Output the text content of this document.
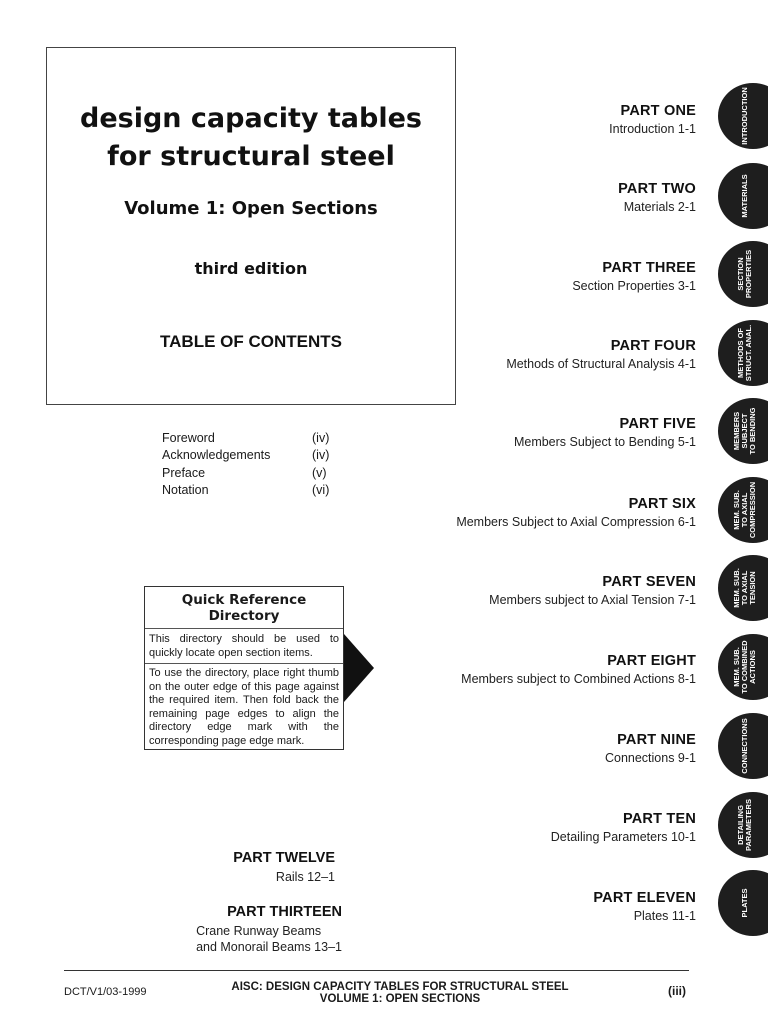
design capacity tables
for structural steel
Volume 1: Open Sections
third edition
TABLE OF CONTENTS
Foreword	(iv)
Acknowledgements	(iv)
Preface	(v)
Notation	(vi)
PART ONE
Introduction 1-1
PART TWO
Materials 2-1
PART THREE
Section Properties 3-1
PART FOUR
Methods of Structural Analysis 4-1
PART FIVE
Members Subject to Bending 5-1
PART SIX
Members Subject to Axial Compression 6-1
PART SEVEN
Members subject to Axial Tension 7-1
PART EIGHT
Members subject to Combined Actions 8-1
PART NINE
Connections 9-1
PART TEN
Detailing Parameters 10-1
PART ELEVEN
Plates 11-1
INTRODUCTION
MATERIALS
SECTION
PROPERTIES
METHODS OF
STRUCT. ANAL.
MEMBERS
SUBJECT
TO BENDING
MEM. SUB.
TO AXIAL
COMPRESSION
MEM. SUB.
TO AXIAL
TENSION
MEM. SUB.
TO COMBINED
ACTIONS
CONNECTIONS
DETAILING
PARAMETERS
PLATES
Quick Reference Directory
This directory should be used to quickly locate open section items.
To use the directory, place right thumb on the outer edge of this page against the required item. Then fold back the remaining page edges to align the directory edge mark with the corresponding page edge mark.
PART TWELVE
Rails 12–1
PART THIRTEEN
Crane Runway Beams
and Monorail Beams 13–1
DCT/V1/03-1999	AISC: DESIGN CAPACITY TABLES FOR STRUCTURAL STEEL
VOLUME 1: OPEN SECTIONS
(iii)
